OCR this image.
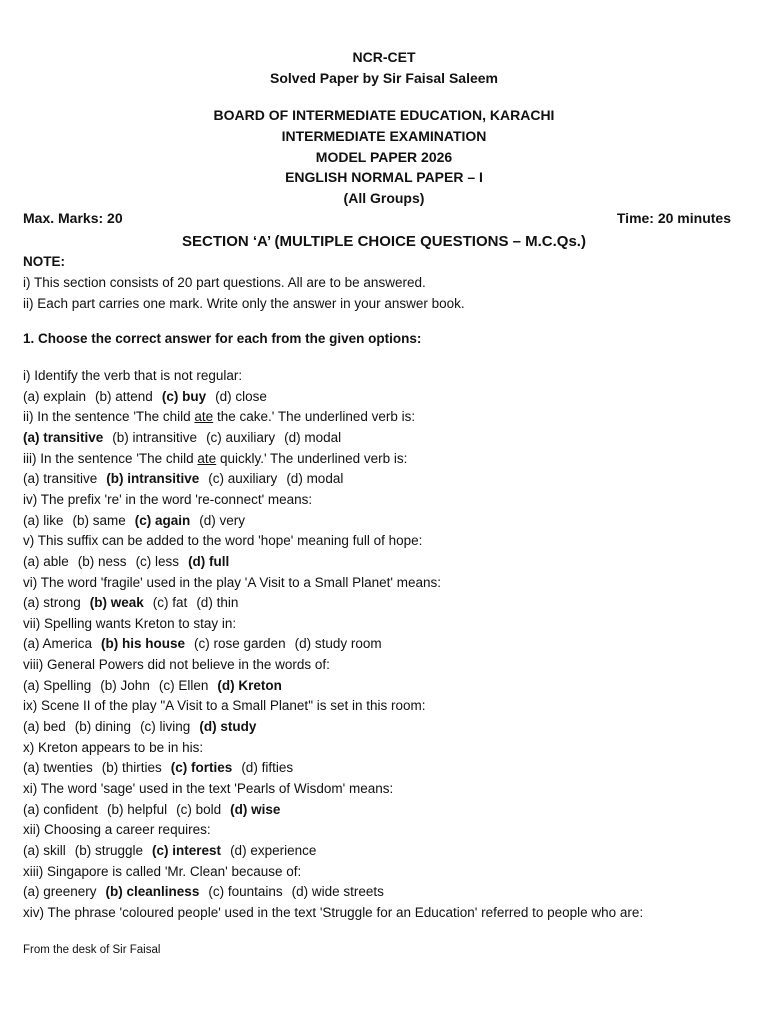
NCR-CET
Solved Paper by Sir Faisal Saleem
BOARD OF INTERMEDIATE EDUCATION, KARACHI
INTERMEDIATE EXAMINATION
MODEL PAPER 2026
ENGLISH NORMAL PAPER – I
(All Groups)
Max. Marks: 20	Time: 20 minutes
SECTION ‘A’ (MULTIPLE CHOICE QUESTIONS – M.C.Qs.)
NOTE:
i) This section consists of 20 part questions. All are to be answered.
ii) Each part carries one mark. Write only the answer in your answer book.
1. Choose the correct answer for each from the given options:
i) Identify the verb that is not regular:
(a) explain (b) attend (c) buy (d) close
ii) In the sentence 'The child ate the cake.' The underlined verb is:
(a) transitive (b) intransitive (c) auxiliary (d) modal
iii) In the sentence 'The child ate quickly.' The underlined verb is:
(a) transitive (b) intransitive (c) auxiliary (d) modal
iv) The prefix 're' in the word 're-connect' means:
(a) like (b) same (c) again (d) very
v) This suffix can be added to the word 'hope' meaning full of hope:
(a) able (b) ness (c) less (d) full
vi) The word 'fragile' used in the play 'A Visit to a Small Planet' means:
(a) strong (b) weak (c) fat (d) thin
vii) Spelling wants Kreton to stay in:
(a) America (b) his house (c) rose garden (d) study room
viii) General Powers did not believe in the words of:
(a) Spelling (b) John (c) Ellen (d) Kreton
ix) Scene II of the play "A Visit to a Small Planet" is set in this room:
(a) bed (b) dining (c) living (d) study
x) Kreton appears to be in his:
(a) twenties (b) thirties (c) forties (d) fifties
xi) The word 'sage' used in the text 'Pearls of Wisdom' means:
(a) confident (b) helpful (c) bold (d) wise
xii) Choosing a career requires:
(a) skill (b) struggle (c) interest (d) experience
xiii) Singapore is called 'Mr. Clean' because of:
(a) greenery (b) cleanliness (c) fountains (d) wide streets
xiv) The phrase 'coloured people' used in the text 'Struggle for an Education' referred to people who are:
From the desk of Sir Faisal
